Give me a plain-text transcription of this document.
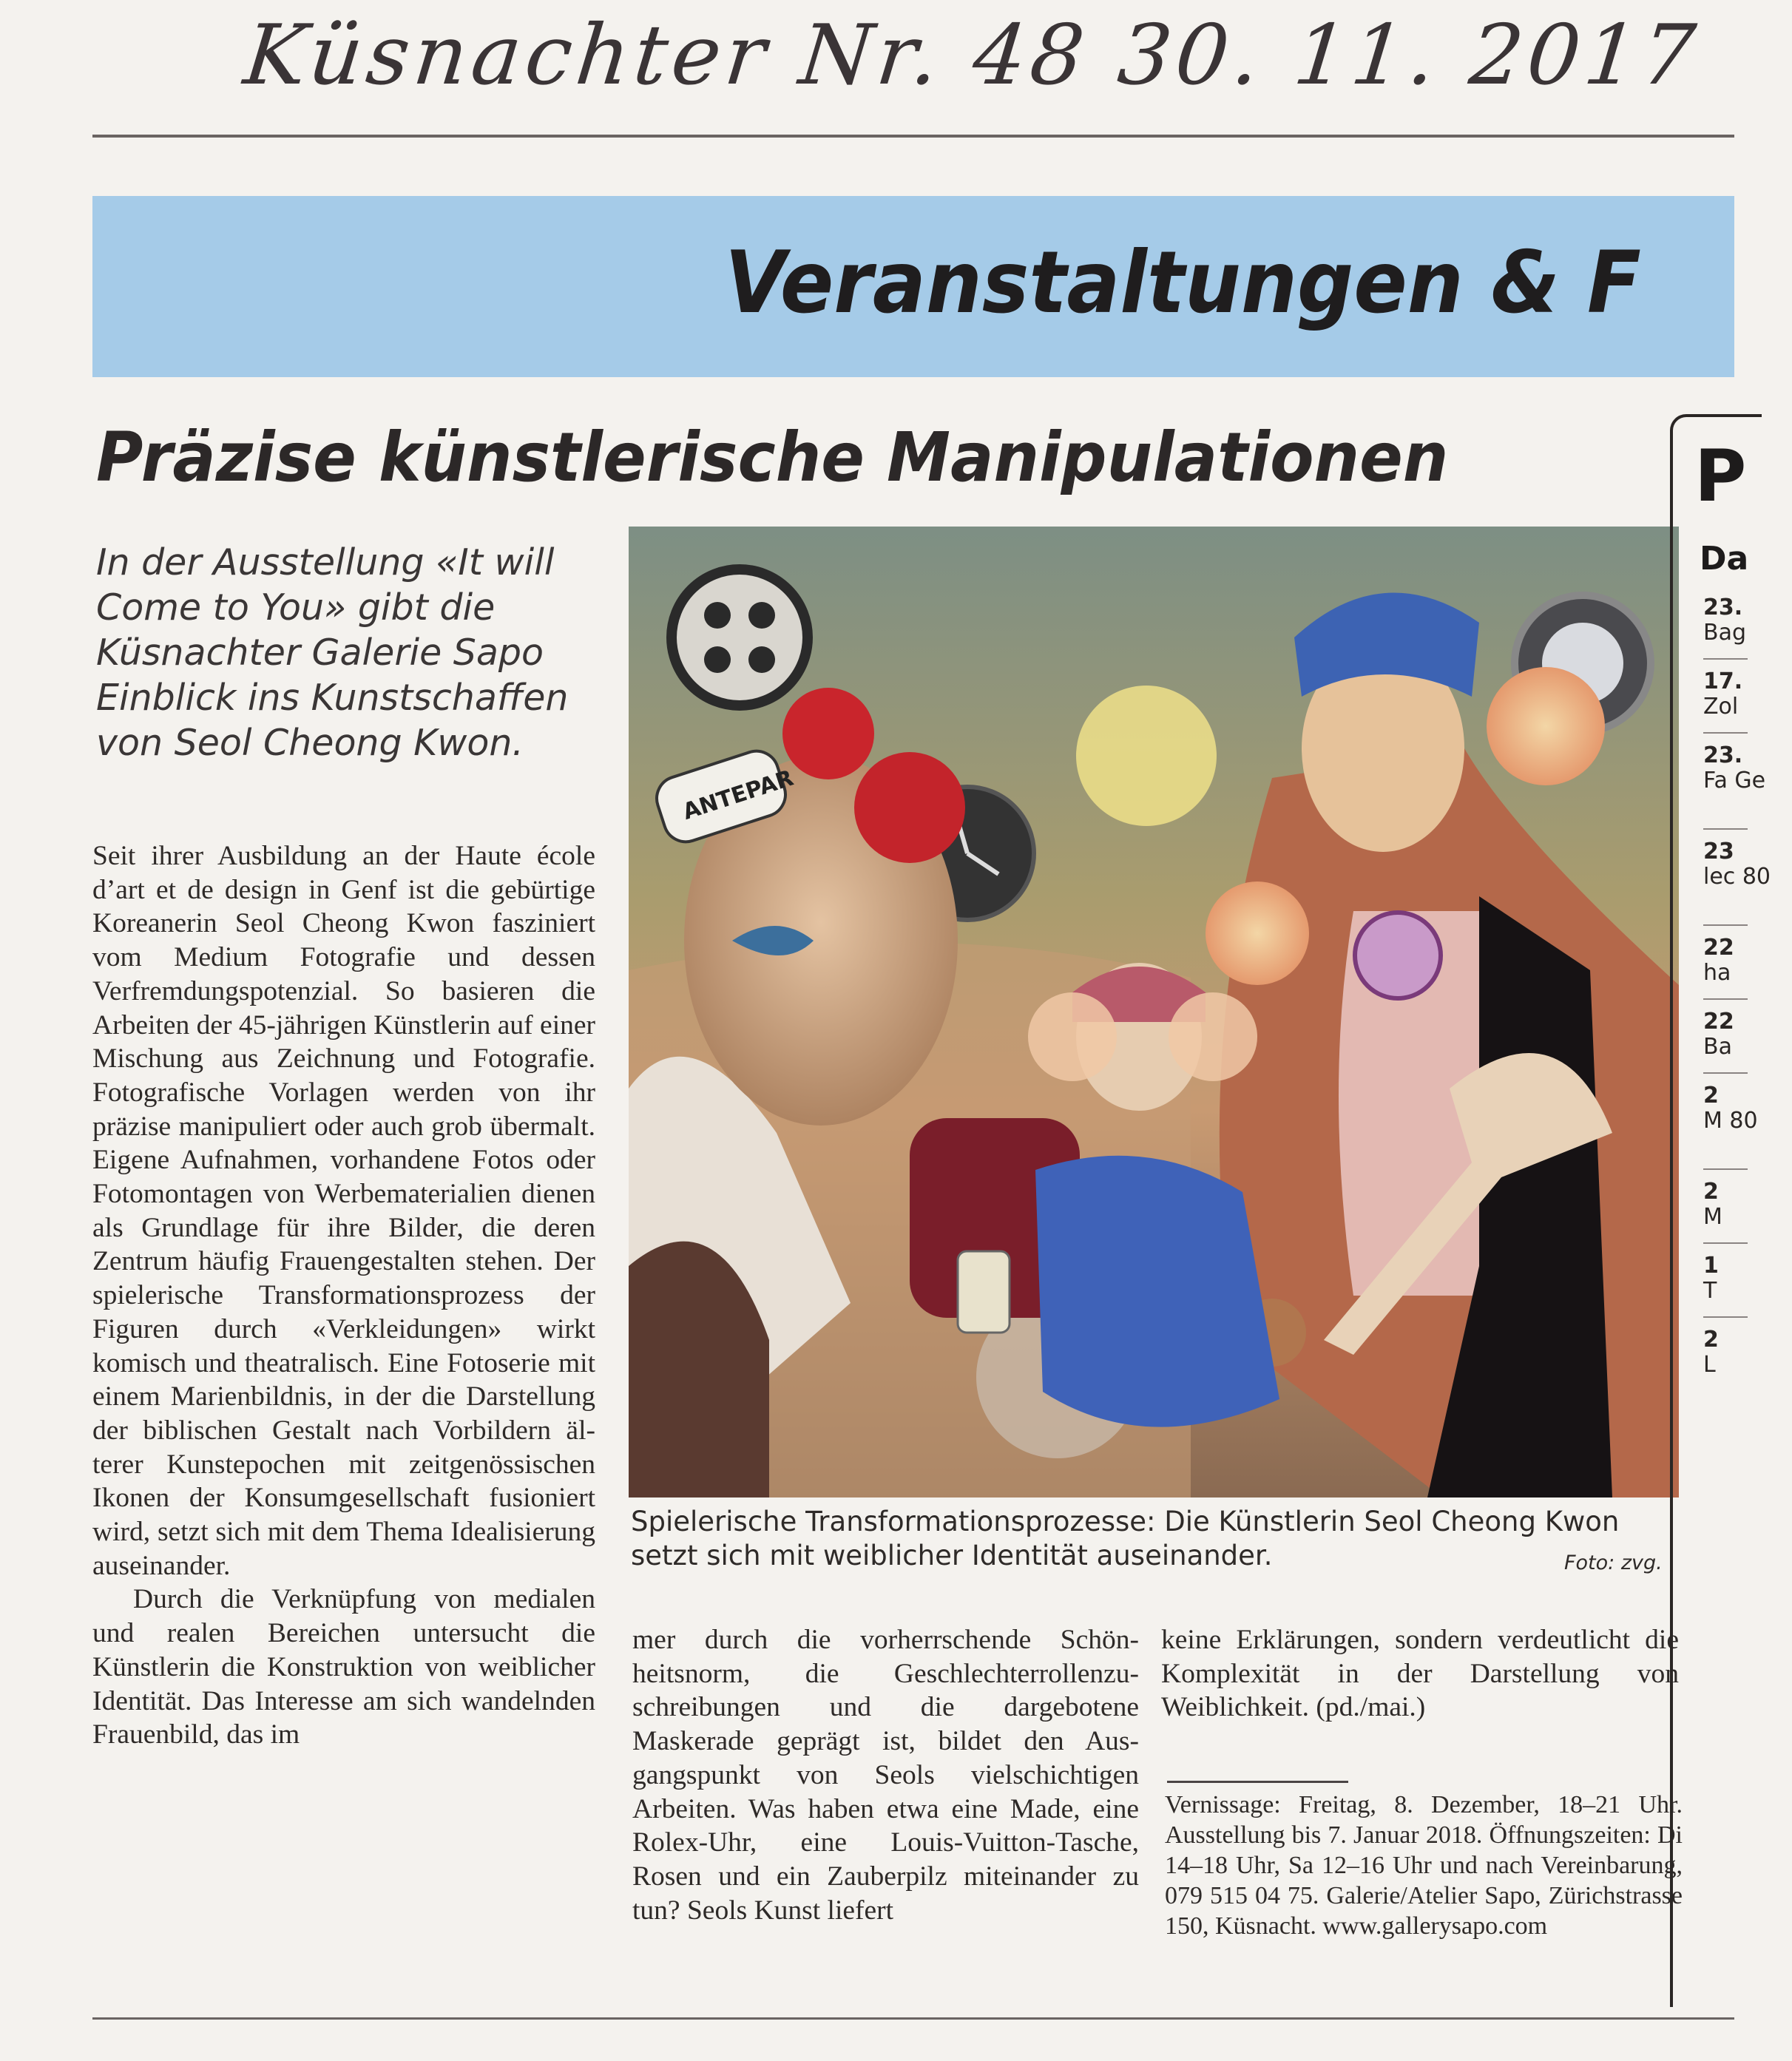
Küsnachter Nr. 48 30. 11. 2017
Veranstaltungen & F
Präzise künstlerische Manipulationen
In der Ausstellung «It will Come to You» gibt die Küsnachter Galerie Sapo Einblick ins Kunstschaffen von Seol Cheong Kwon.

Seit ihrer Ausbildung an der Haute école d’art et de design in Genf ist die gebürtige Koreanerin Seol Cheong Kwon fasziniert vom Medium Fotografie und dessen Verfremdungspotenzial. So basieren die Arbeiten der 45-jährigen Künstlerin auf einer Mischung aus Zeichnung und Fotografie. Fotografische Vorlagen werden von ihr präzise manipuliert oder auch grob übermalt. Eigene Aufnahmen, vorhandene Fotos oder Fotomontagen von Werbematerialien dienen als Grundlage für ihre Bilder, die deren Zentrum häufig Frauengestalten stehen. Der spielerische Transformationsprozess der Figuren durch «Verkleidungen» wirkt komisch und theatralisch. Eine Fotoserie mit einem Marienbildnis, in der die Darstellung der biblischen Gestalt nach Vorbildern älterer Kunstepochen mit zeitgenössischen Ikonen der Konsumgesellschaft fusioniert wird, setzt sich mit dem Thema Idealisierung auseinander.

Durch die Verknüpfung von medialen und realen Bereichen untersucht die Künstlerin die Konstruktion von weiblicher Identität. Das Interesse am sich wandelnden Frauenbild, das im

ANTEPAR
Spielerische Transformationsprozesse: Die Künstlerin Seol Cheong Kwon setzt sich mit weiblicher Identität auseinander.	Foto: zvg.
mer durch die vorherrschende Schönheitsnorm, die Geschlechterrollenzuschreibungen und die dargebotene Maskerade geprägt ist, bildet den Ausgangspunkt von Seols vielschichtigen Arbeiten. Was haben etwa eine Made, eine Rolex-Uhr, eine Louis-Vuitton-Tasche, Rosen und ein Zauberpilz miteinander zu tun? Seols Kunst liefert
keine Erklärungen, sondern verdeutlicht die Komplexität in der Darstellung von Weiblichkeit. (pd./mai.)
Vernissage: Freitag, 8. Dezember, 18–21 Uhr. Ausstellung bis 7. Januar 2018. Öffnungszeiten: Di 14–18 Uhr, Sa 12–16 Uhr und nach Vereinbarung, 079 515 04 75. Galerie/Atelier Sapo, Zürichstrasse 150, Küsnacht. www.gallerysapo.com
P
Da
23.
Bag
17.
Zol
23.
Fa Ge
23
lec 80
22
ha
22
Ba
2
M 80
2
M
1
T
2
L
